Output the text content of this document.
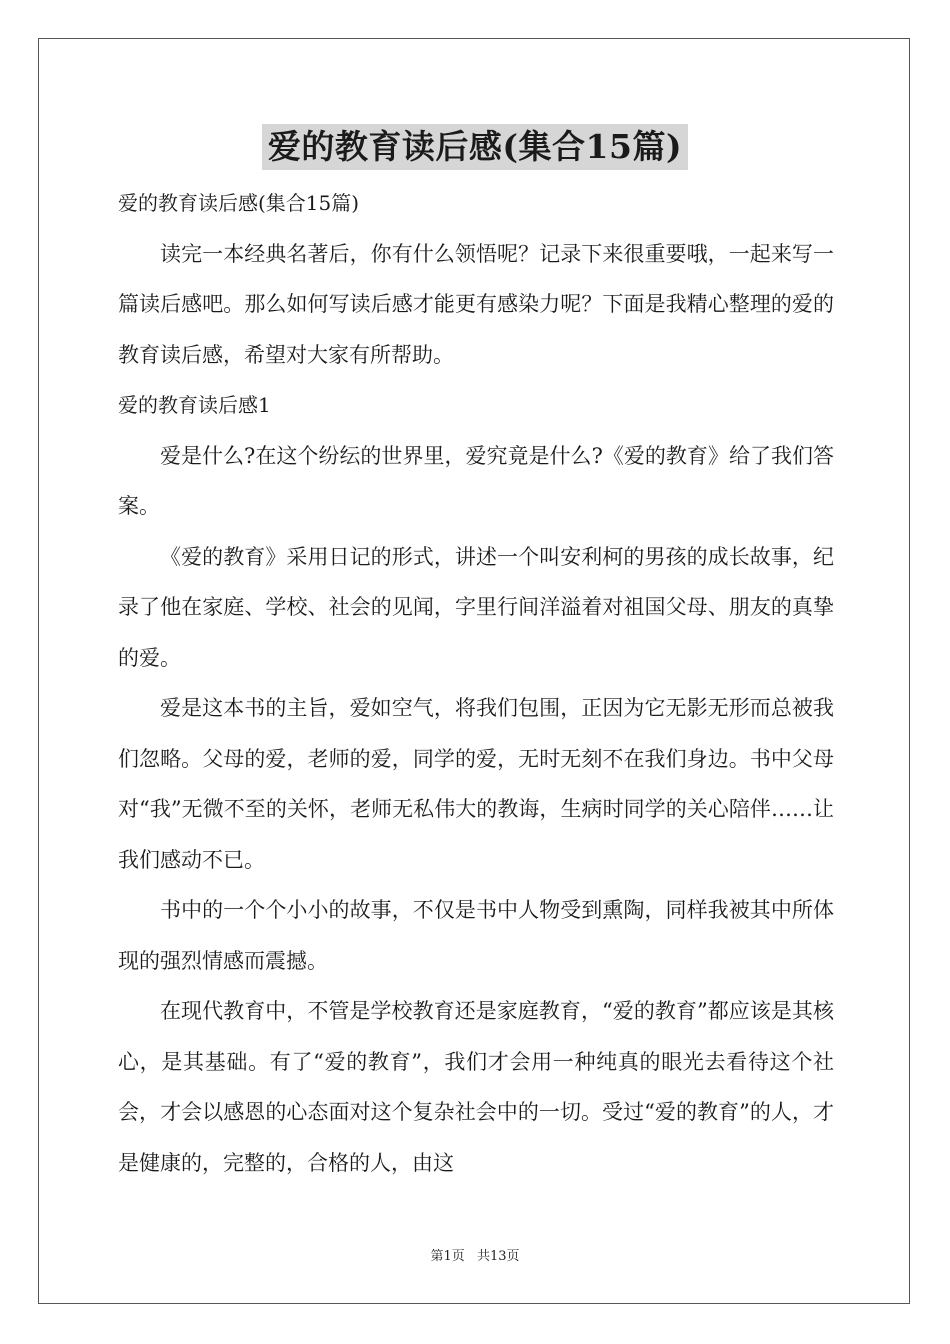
爱的教育读后感(集合15篇)

爱的教育读后感(集合15篇)

读完一本经典名著后，你有什么领悟呢？记录下来很重要哦，一起来写一篇读后感吧。那么如何写读后感才能更有感染力呢？下面是我精心整理的爱的教育读后感，希望对大家有所帮助。

爱的教育读后感1

爱是什么?在这个纷纭的世界里，爱究竟是什么?《爱的教育》给了我们答案。

《爱的教育》采用日记的形式，讲述一个叫安利柯的男孩的成长故事，纪录了他在家庭、学校、社会的见闻，字里行间洋溢着对祖国父母、朋友的真挚的爱。

爱是这本书的主旨，爱如空气，将我们包围，正因为它无影无形而总被我们忽略。父母的爱，老师的爱，同学的爱，无时无刻不在我们身边。书中父母对“我”无微不至的关怀，老师无私伟大的教诲，生病时同学的关心陪伴……让我们感动不已。

书中的一个个小小的故事，不仅是书中人物受到熏陶，同样我被其中所体现的强烈情感而震撼。

在现代教育中，不管是学校教育还是家庭教育，“爱的教育”都应该是其核心，是其基础。有了“爱的教育”，我们才会用一种纯真的眼光去看待这个社会，才会以感恩的心态面对这个复杂社会中的一切。受过“爱的教育”的人，才是健康的，完整的，合格的人，由这

第1页 共13页
